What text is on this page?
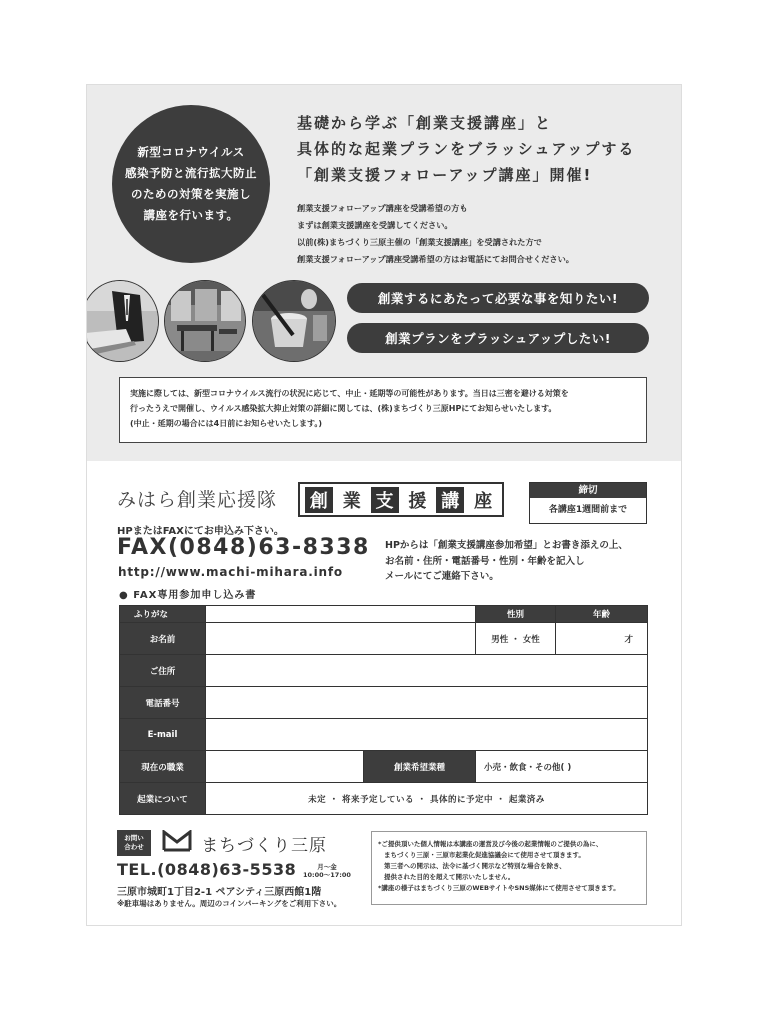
新型コロナウイルス
感染予防と流行拡大防止
のための対策を実施し
講座を行います。
基礎から学ぶ「創業支援講座」と
具体的な起業プランをブラッシュアップする
「創業支援フォローアップ講座」開催!
創業支援フォローアップ講座を受講希望の方も
まずは創業支援講座を受講してください。
以前(株)まちづくり三原主催の「創業支援講座」を受講された方で
創業支援フォローアップ講座受講希望の方はお電話にてお問合せください。
創業するにあたって必要な事を知りたい!
創業プランをブラッシュアップしたい!
実施に際しては、新型コロナウイルス流行の状況に応じて、中止・延期等の可能性があります。当日は三密を避ける対策を
行ったうえで開催し、ウイルス感染拡大抑止対策の詳細に関しては、(株)まちづくり三原HPにてお知らせいたします。
(中止・延期の場合には4日前にお知らせいたします。)
みはら創業応援隊 創 業 支 援 講 座	締切
各講座1週間前まで
HPまたはFAXにてお申込み下さい。
FAX(0848)63-8338
http://www.machi-mihara.info
HPからは「創業支援講座参加希望」とお書き添えの上、
お名前・住所・電話番号・性別・年齢を記入し
メールにてご連絡下さい。
● FAX専用参加申し込み書
ふりがな			性別	年齢
お名前			男性 ・ 女性	才
ご住所				
電話番号				
E-mail				
現在の職業		創業希望業種	小売・飲食・その他( )	
起業について	未定 ・ 将来予定している ・ 具体的に予定中 ・ 起業済み			
お問い
合わせ	まちづくり三原
TEL.(0848)63-5538	月〜金
10:00〜17:00
三原市城町1丁目2-1 ペアシティ三原西館1階
※駐車場はありません。周辺のコインパーキングをご利用下さい。
*ご提供頂いた個人情報は本講座の運営及び今後の起業情報のご提供の為に、
まちづくり三原・三原市起業化促進協議会にて使用させて頂きます。
第三者への開示は、法令に基づく開示など特別な場合を除き、
提供された目的を超えて開示いたしません。
*講座の様子はまちづくり三原のWEBサイトやSNS媒体にて使用させて頂きます。
